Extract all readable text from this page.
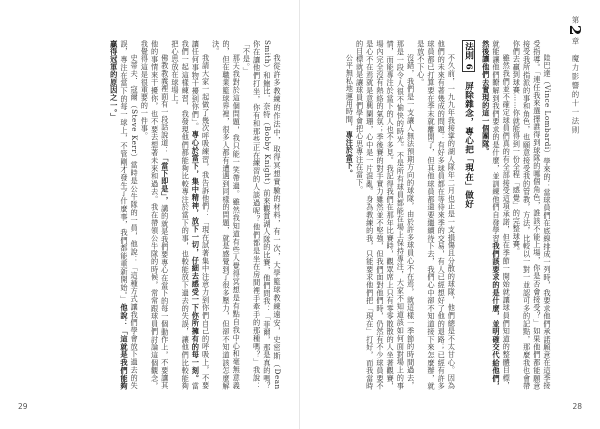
第2章　魔力影響的十一法則

陸巴達（Vince Lombardi）學來的：當球員們在底線排成一列時，我要求他們承諾願意在這季接受指導。「連任我來選擇誰得到球隊的哪個角色，誰該不能上場，你是否會接受？」如果他們都能願意接受我所指派的事和角色，也願意接受我的管教，方法，比較以一對一並認可多的記點，那麼我也會帶你們去贏到球賽……你就能得到一份全程「感覺」的完整球賽。

雖然我們並不確定球員們真的有全部接受這項承諾，但在季節一開始就讓球員們知道的整體目標，就能讓他們瞭解到我們要求的是什麼，並訓練他們自發學習我們該要求的是什麼，並明確交代給他們，然後讓他們去實現的這一個團隊。

法則 6　屏除雜念，專心把「現在」做好

不久前，一九九年我接掌的湖人隊年二月也正是一支損傷且分散的球隊，他們總是不太甘心。因為他們的未來有著幾成的問題：有好多球員都在等待來季的交易，有人已經想好了他的退路；已經有許多球員都已打算要在季末就離開了，但其他球員都還要繼續待下去，我們心中卻不知道接下來怎麼辦，就是放不下心。

沒錯，我們是一支讓人無法預期方向的球隊，由於許多球員心不在焉，就這樣一季節的時間過去，那是一段令人很不愉快的時光。不是所有球員都能在場上保持專注，大家不知道該如何面對場上的事情，而能專注於當下的人也不多見。我記得我們在那年比賽時，觀眾席上只有零零散散的人坐著觀賽，場內完全沒有熱絡的氣氛；季後賽的對手實力雖然並不堅強，但我們面對他們時，仍然有不少球員要不是心不在焉就是意興闌珊，心中是一片混亂。身為教練的我，只能要求他們把「現在」打好，而我當時的目標就是讓球員們學會把心思專注在當下。

公平無私地運用時間，專注於當下。

28

我從許多教練的作法中，取得冥想實驗的材料，有一次，大學籃球教練遠安，史密斯（Dean Smith）和鮑比．奈特（Bobby Knight）前來觀賞湖人隊的比賽，他們問我：「菲爾，那是真的嗎？你在讓他們打坐，你有和那些正在練習的人談過呢？他們都是坐在房間裡手牽手的那種嗎？」我說：「不是。」

那天我對於這個問題，我只能一笑帶過。雖然我知道有些人覺得冥想是有點自我中心和毫無意義的，但在職業籃球界裡，很多人都有遭遇到同樣的問題，就是感覺到了很多壓力，但卻不知道該怎麼解決。

我請大家一起做了幾次呼吸練習，我告訴他們：「現在試著集中注意力到你們自己的呼吸上，不要讓任何事物干擾到你們」。專心於當下，集中精神，放下一切，仔細去感受一下你所擁有的每一刻。當我們一起這樣練習，我發現他們都能夠比較專注於當下的事，也較能放下過去的失誤，讓他們比較能夠把心思放在球場上。

佛教教義裡面有一段話說道：「當下即是」，講的就是我們要專心在當下的每一個動作上，不要讓其他的事情來干擾你，也不要去想著未來和過去。我在帶領公牛隊的時候，常常跟球員們討論這個觀念，我覺得這是很重要的一件事。

史蒂夫．寇爾（Steve Kerr）當時是公牛隊的一員，他說：「這種方式讓我們學會放下過去的失誤，專注在當下的每一球上，不管剛才發生了什麼事，我們都能重新開始。」他說：「這就是我們能夠贏得冠軍的原因之一。」

29
